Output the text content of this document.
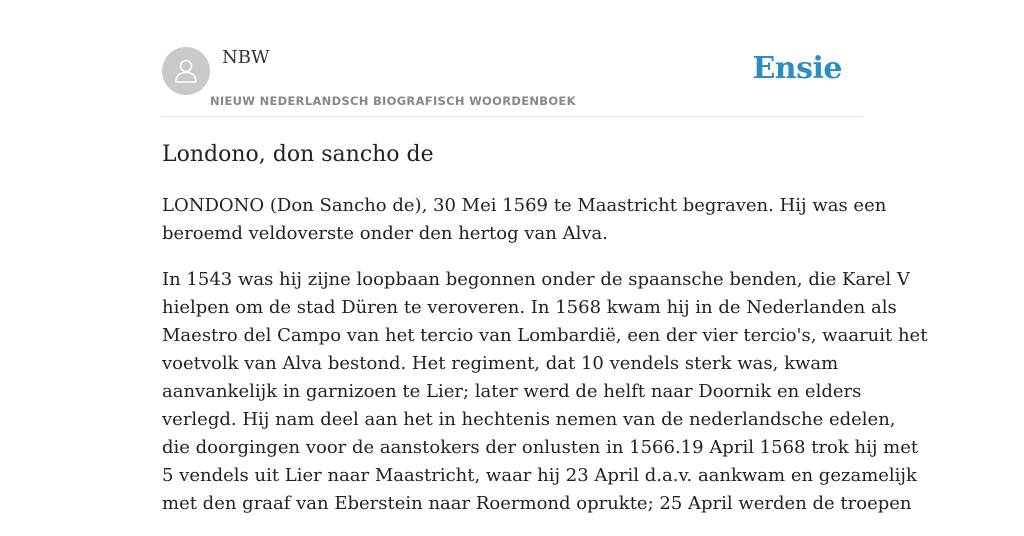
NBW
NIEUW NEDERLANDSCH BIOGRAFISCH WOORDENBOEK
Ensie
Londono, don sancho de

LONDONO (Don Sancho de), 30 Mei 1569 te Maastricht begraven. Hij was een
beroemd veldoverste onder den hertog van Alva.

In 1543 was hij zijne loopbaan begonnen onder de spaansche benden, die Karel V
hielpen om de stad Düren te veroveren. In 1568 kwam hij in de Nederlanden als
Maestro del Campo van het tercio van Lombardië, een der vier tercio's, waaruit het
voetvolk van Alva bestond. Het regiment, dat 10 vendels sterk was, kwam
aanvankelijk in garnizoen te Lier; later werd de helft naar Doornik en elders
verlegd. Hij nam deel aan het in hechtenis nemen van de nederlandsche edelen,
die doorgingen voor de aanstokers der onlusten in 1566.19 April 1568 trok hij met
5 vendels uit Lier naar Maastricht, waar hij 23 April d.a.v. aankwam en gezamelijk
met den graaf van Eberstein naar Roermond oprukte; 25 April werden de troepen
